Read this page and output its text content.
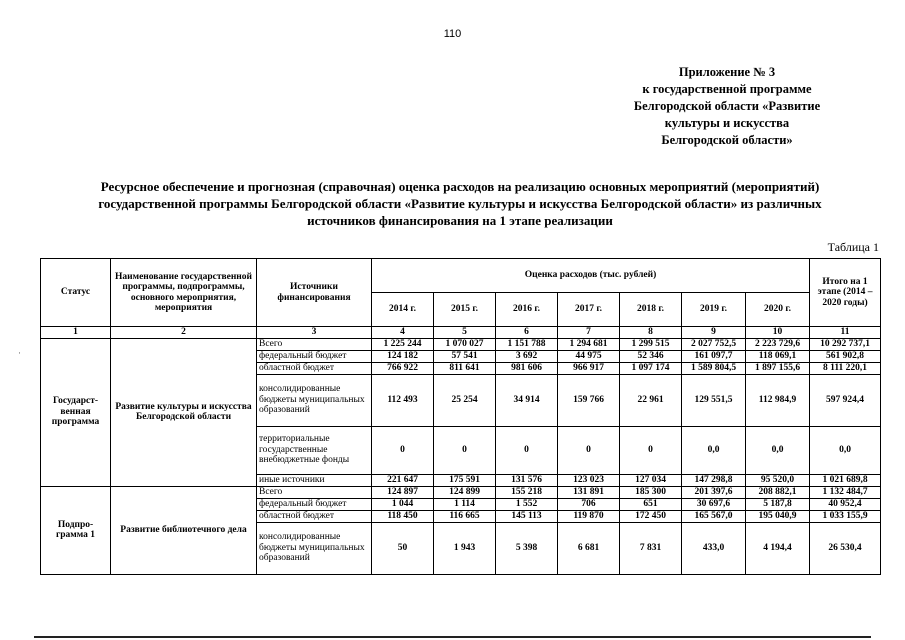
110
Приложение № 3
к государственной программе
Белгородской области «Развитие
культуры и искусства
Белгородской области»
Ресурсное обеспечение и прогнозная (справочная) оценка расходов на реализацию основных мероприятий (мероприятий)
государственной программы Белгородской области «Развитие культуры и искусства Белгородской области» из различных
источников финансирования на 1 этапе реализации
Таблица 1
·
Статус	Наименование государственной программы, подпрограммы, основного мероприятия, мероприятия	Источники финансирования	Оценка расходов (тыс. рублей)							Итого на 1 этапе (2014 – 2020 годы)
			2014 г.	2015 г.	2016 г.	2017 г.	2018 г.	2019 г.	2020 г.	
1	2	3	4	5	6	7	8	9	10	11
Государст-венная программа	Развитие культуры и искусства Белгородской области	Всего	1 225 244	1 070 027	1 151 788	1 294 681	1 299 515	2 027 752,5	2 223 729,6	10 292 737,1
		федеральный бюджет	124 182	57 541	3 692	44 975	52 346	161 097,7	118 069,1	561 902,8
		областной бюджет	766 922	811 641	981 606	966 917	1 097 174	1 589 804,5	1 897 155,6	8 111 220,1
		консолидированные бюджеты муниципальных образований	112 493	25 254	34 914	159 766	22 961	129 551,5	112 984,9	597 924,4
		территориальные государственные внебюджетные фонды	0	0	0	0	0	0,0	0,0	0,0
		иные источники	221 647	175 591	131 576	123 023	127 034	147 298,8	95 520,0	1 021 689,8
Подпро-грамма 1	Развитие библиотечного дела	Всего	124 897	124 899	155 218	131 891	185 300	201 397,6	208 882,1	1 132 484,7
		федеральный бюджет	1 044	1 114	1 552	706	651	30 697,6	5 187,8	40 952,4
		областной бюджет	118 450	116 665	145 113	119 870	172 450	165 567,0	195 040,9	1 033 155,9
		консолидированные бюджеты муниципальных образований	50	1 943	5 398	6 681	7 831	433,0	4 194,4	26 530,4
